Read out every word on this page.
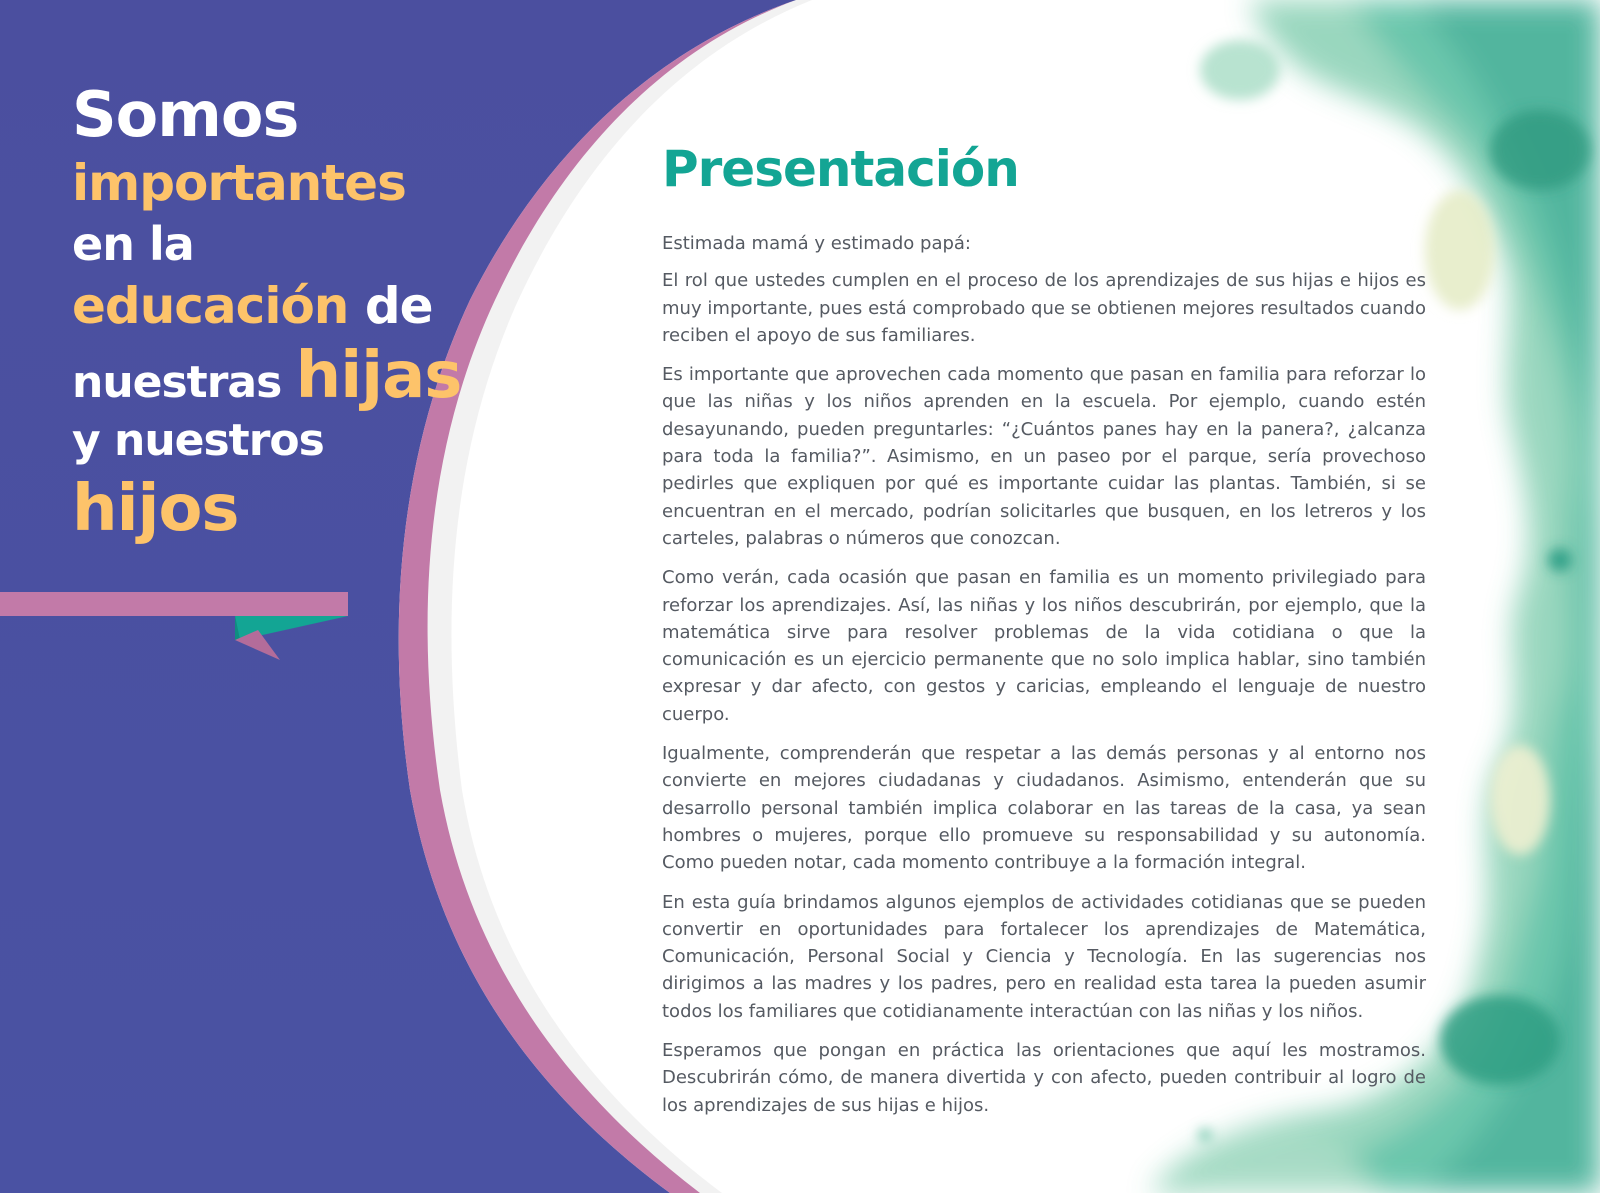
Somos
importantes
en la
educación de
nuestras hijas
y nuestros
hijos
Presentación

Estimada mamá y estimado papá:

El rol que ustedes cumplen en el proceso de los aprendizajes de sus hijas e hijos es muy importante, pues está comprobado que se obtienen mejores resultados cuando reciben el apoyo de sus familiares.

Es importante que aprovechen cada momento que pasan en familia para reforzar lo que las niñas y los niños aprenden en la escuela. Por ejemplo, cuando estén desayunando, pueden preguntarles: “¿Cuántos panes hay en la panera?, ¿alcanza para toda la familia?”. Asimismo, en un paseo por el parque, sería provechoso pedirles que expliquen por qué es importante cuidar las plantas. También, si se encuentran en el mercado, podrían solicitarles que busquen, en los letreros y los carteles, palabras o números que conozcan.

Como verán, cada ocasión que pasan en familia es un momento privilegiado para reforzar los aprendizajes. Así, las niñas y los niños descubrirán, por ejemplo, que la matemática sirve para resolver problemas de la vida cotidiana o que la comunicación es un ejercicio permanente que no solo implica hablar, sino también expresar y dar afecto, con gestos y caricias, empleando el lenguaje de nuestro cuerpo.

Igualmente, comprenderán que respetar a las demás personas y al entorno nos convierte en mejores ciudadanas y ciudadanos. Asimismo, entenderán que su desarrollo personal también implica colaborar en las tareas de la casa, ya sean hombres o mujeres, porque ello promueve su responsabilidad y su autonomía. Como pueden notar, cada momento contribuye a la formación integral.

En esta guía brindamos algunos ejemplos de actividades cotidianas que se pueden convertir en oportunidades para fortalecer los aprendizajes de Matemática, Comunicación, Personal Social y Ciencia y Tecnología. En las sugerencias nos dirigimos a las madres y los padres, pero en realidad esta tarea la pueden asumir todos los familiares que cotidianamente interactúan con las niñas y los niños.

Esperamos que pongan en práctica las orientaciones que aquí les mostramos. Descubrirán cómo, de manera divertida y con afecto, pueden contribuir al logro de los aprendizajes de sus hijas e hijos.
